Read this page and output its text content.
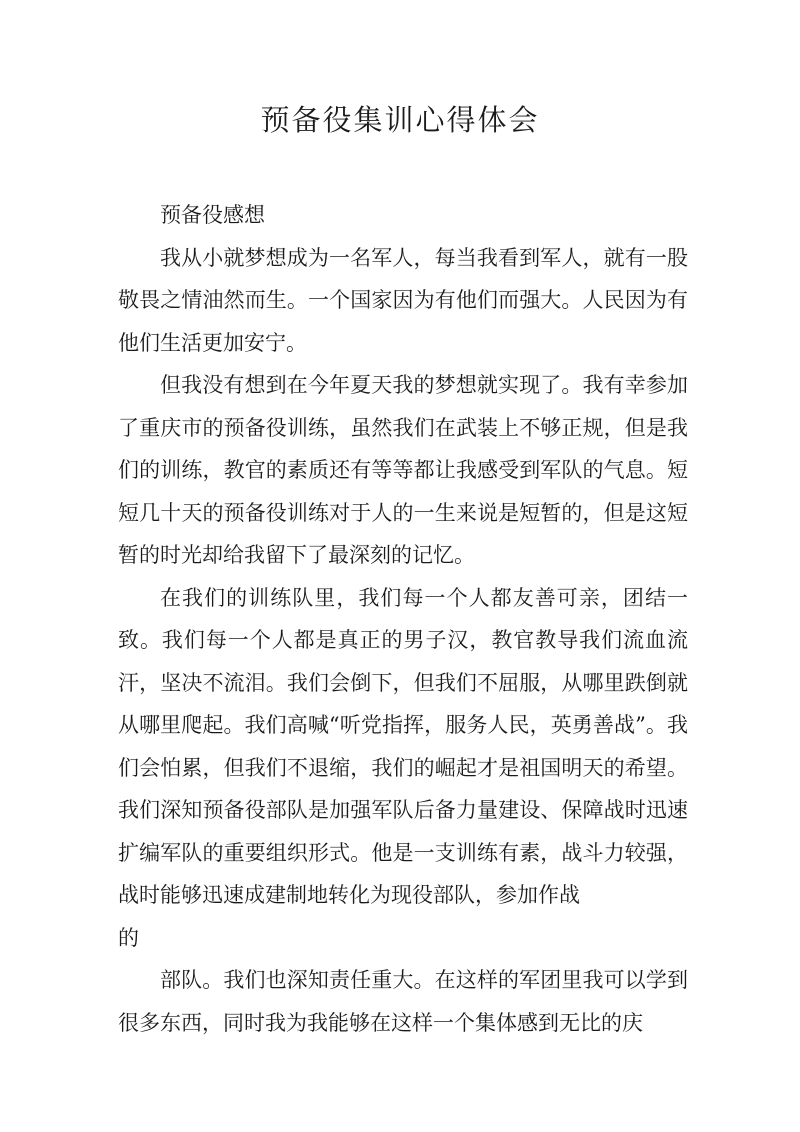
预备役集训心得体会

预备役感想

我从小就梦想成为一名军人，每当我看到军人，就有一股敬畏之情油然而生。一个国家因为有他们而强大。人民因为有他们生活更加安宁。

但我没有想到在今年夏天我的梦想就实现了。我有幸参加了重庆市的预备役训练，虽然我们在武装上不够正规，但是我们的训练，教官的素质还有等等都让我感受到军队的气息。短短几十天的预备役训练对于人的一生来说是短暂的，但是这短暂的时光却给我留下了最深刻的记忆。

在我们的训练队里，我们每一个人都友善可亲，团结一致。我们每一个人都是真正的男子汉，教官教导我们流血流汗，坚决不流泪。我们会倒下，但我们不屈服，从哪里跌倒就从哪里爬起。我们高喊“听党指挥，服务人民，英勇善战”。我们会怕累，但我们不退缩，我们的崛起才是祖国明天的希望。我们深知预备役部队是加强军队后备力量建设、保障战时迅速扩编军队的重要组织形式。他是一支训练有素，战斗力较强，战时能够迅速成建制地转化为现役部队，参加作战

的

部队。我们也深知责任重大。在这样的军团里我可以学到很多东西，同时我为我能够在这样一个集体感到无比的庆
